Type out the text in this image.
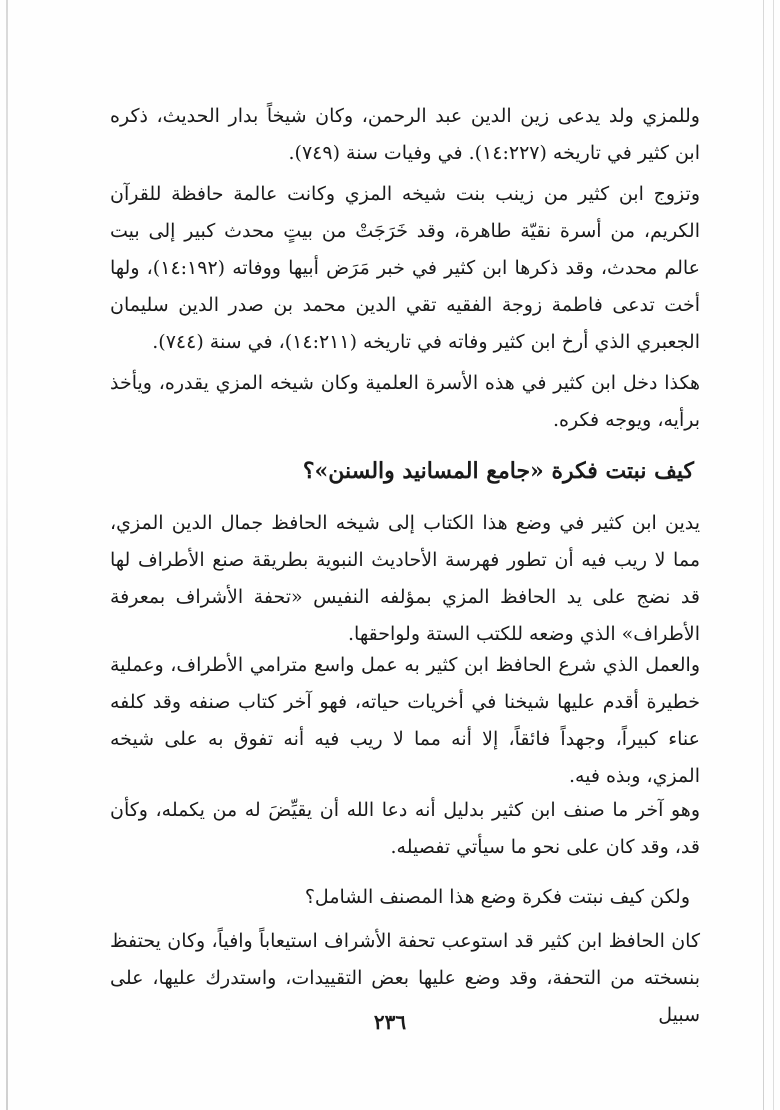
وللمزي ولد يدعى زين الدين عبد الرحمن، وكان شيخاً بدار الحديث، ذكره ابن كثير في تاريخه (١٤:٢٢٧). في وفيات سنة (٧٤٩).

وتزوج ابن كثير من زينب بنت شيخه المزي وكانت عالمة حافظة للقرآن الكريم، من أسرة نقيّة طاهرة، وقد خَرَجَتْ من بيتٍ محدث كبير إلى بيت عالم محدث، وقد ذكرها ابن كثير في خبر مَرَض أبيها ووفاته (١٤:١٩٢)، ولها أخت تدعى فاطمة زوجة الفقيه تقي الدين محمد بن صدر الدين سليمان الجعبري الذي أرخ ابن كثير وفاته في تاريخه (١٤:٢١١)، في سنة (٧٤٤).

هكذا دخل ابن كثير في هذه الأسرة العلمية وكان شيخه المزي يقدره، ويأخذ برأيه، ويوجه فكره.

كيف نبتت فكرة «جامع المسانيد والسنن»؟

يدين ابن كثير في وضع هذا الكتاب إلى شيخه الحافظ جمال الدين المزي، مما لا ريب فيه أن تطور فهرسة الأحاديث النبوية بطريقة صنع الأطراف لها قد نضج على يد الحافظ المزي بمؤلفه النفيس «تحفة الأشراف بمعرفة الأطراف» الذي وضعه للكتب الستة ولواحقها.

والعمل الذي شرع الحافظ ابن كثير به عمل واسع مترامي الأطراف، وعملية خطيرة أقدم عليها شيخنا في أخريات حياته، فهو آخر كتاب صنفه وقد كلفه عناء كبيراً، وجهداً فائقاً، إلا أنه مما لا ريب فيه أنه تفوق به على شيخه المزي، وبذه فيه.

وهو آخر ما صنف ابن كثير بدليل أنه دعا الله أن يقيِّضَ له من يكمله، وكأن قد، وقد كان على نحو ما سيأتي تفصيله.

ولكن كيف نبتت فكرة وضع هذا المصنف الشامل؟

كان الحافظ ابن كثير قد استوعب تحفة الأشراف استيعاباً وافياً، وكان يحتفظ بنسخته من التحفة، وقد وضع عليها بعض التقييدات، واستدرك عليها، على سبيل

٢٣٦
